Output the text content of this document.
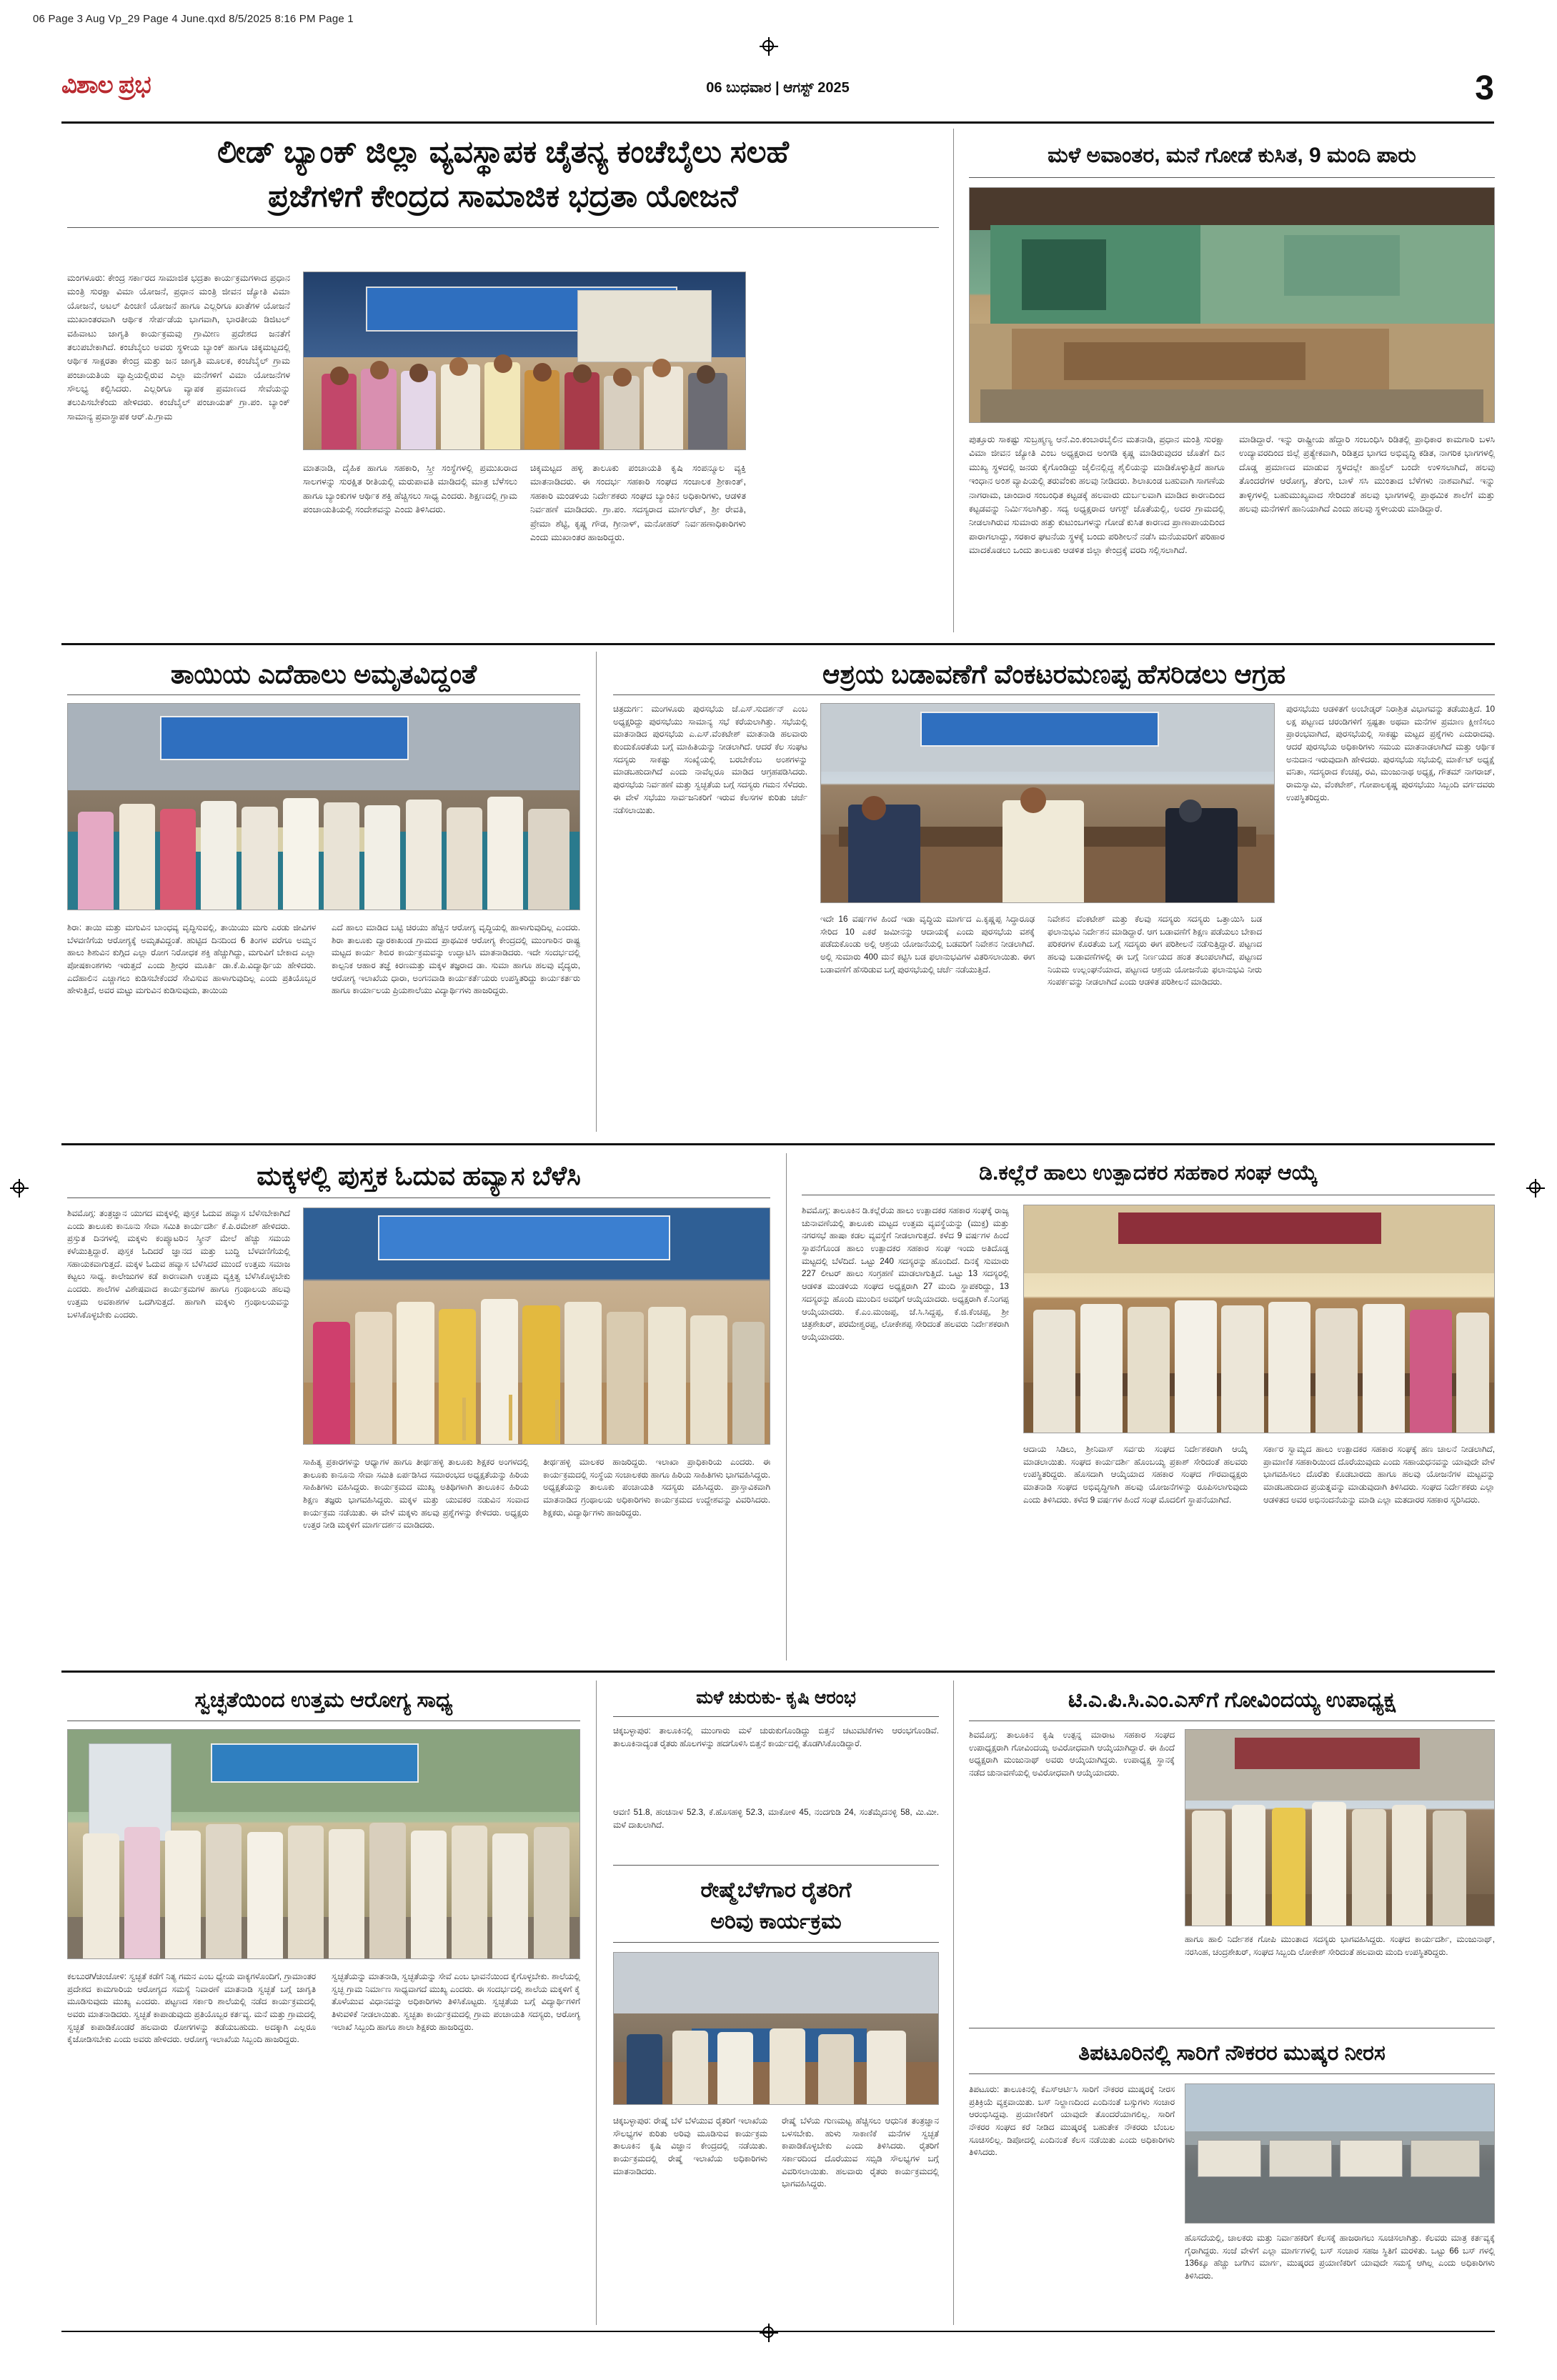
06 Page 3 Aug Vp_29 Page 4 June.qxd 8/5/2025 8:16 PM Page 1
ವಿಶಾಲ ಪ್ರಭ	06 ಬುಧವಾರ | ಆಗಸ್ಟ್ 2025	3
ಲೀಡ್ ಬ್ಯಾಂಕ್ ಜಿಲ್ಲಾ ವ್ಯವಸ್ಥಾಪಕ ಚೈತನ್ಯ ಕಂಚೆಬೈಲು ಸಲಹೆ
ಪ್ರಜೆಗಳಿಗೆ ಕೇಂದ್ರದ ಸಾಮಾಜಿಕ ಭದ್ರತಾ ಯೋಜನೆ
ಮಂಗಳೂರು: ಕೇಂದ್ರ ಸರ್ಕಾರದ ಸಾಮಾಜಿಕ ಭದ್ರತಾ ಕಾರ್ಯಕ್ರಮಗಳಾದ ಪ್ರಧಾನ ಮಂತ್ರಿ ಸುರಕ್ಷಾ ವಿಮಾ ಯೋಜನೆ, ಪ್ರಧಾನ ಮಂತ್ರಿ ಜೀವನ ಜ್ಯೋತಿ ವಿಮಾ ಯೋಜನೆ, ಅಟಲ್ ಪಿಂಚಣಿ ಯೋಜನೆ ಹಾಗೂ ಎಲ್ಲರಿಗೂ ಖಾತೆಗಳ ಯೋಜನೆ ಮುಖಾಂತರವಾಗಿ ಆರ್ಥಿಕ ಸೇರ್ಪಡೆಯ ಭಾಗವಾಗಿ, ಭಾರತೀಯ ಡಿಜಿಟಲ್ ವಹಿವಾಟು ಜಾಗೃತಿ ಕಾರ್ಯಕ್ರಮವು ಗ್ರಾಮೀಣ ಪ್ರದೇಶದ ಜನತೆಗೆ ತಲುಪಬೇಕಾಗಿದೆ. ಕಂಚೆಬೈಲು ಅವರು ಸ್ಥಳೀಯ ಬ್ಯಾಂಕ್ ಹಾಗೂ ಚಿಕ್ಕಮಟ್ಟದಲ್ಲಿ ಆರ್ಥಿಕ ಸಾಕ್ಷರತಾ ಕೇಂದ್ರ ಮತ್ತು ಜನ ಜಾಗೃತಿ ಮೂಲಕ, ಕಂಚೆಬೈಲ್ ಗ್ರಾಮ ಪಂಚಾಯತಿಯ ವ್ಯಾಪ್ತಿಯಲ್ಲಿರುವ ಎಲ್ಲಾ ಮನೆಗಳಿಗೆ ವಿಮಾ ಯೋಜನೆಗಳ ಸೌಲಭ್ಯ ಕಲ್ಪಿಸಿದರು. ಎಲ್ಲರಿಗೂ ವ್ಯಾಪಕ ಪ್ರಮಾಣದ ಸೇವೆಯನ್ನು ತಲುಪಿಸಬೇಕೆಂದು ಹೇಳಿದರು. ಕಂಚೆಬೈಲ್ ಪಂಚಾಯತ್ ಗ್ರಾ.ಪಂ. ಬ್ಯಾಂಕ್ ಸಾಮಾನ್ಯ ಪ್ರವಾಸ್ಥಾಪಕ ಆರ್.ಪಿ.ಗ್ರಾಮ
ಮಾತನಾಡಿ, ದೈಹಿಕ ಹಾಗೂ ಸಹಕಾರಿ, ಸ್ತ್ರೀ ಸಂಸ್ಥೆಗಳಲ್ಲಿ ಪ್ರಮುಖರಾದ ಸಾಲಗಳನ್ನು ಸುರಕ್ಷಿತ ರೀತಿಯಲ್ಲಿ ಮರುಪಾವತಿ ಮಾಡಿದಲ್ಲಿ ಮಾತ್ರ ಬೆಳೆಸಲು ಹಾಗೂ ಬ್ಯಾಂಕುಗಳ ಆರ್ಥಿಕ ಶಕ್ತಿ ಹೆಚ್ಚಿಸಲು ಸಾಧ್ಯ ಎಂದರು. ಶಿಕ್ಷಣದಲ್ಲಿ ಗ್ರಾಮ ಪಂಚಾಯತಿಯಲ್ಲಿ ಸಂದೇಶವನ್ನು ಎಂದು ತಿಳಿಸಿದರು.
ಚಿಕ್ಕಮಟ್ಟದ ಹಳ್ಳಿ ತಾಲೂಕು ಪಂಚಾಯತಿ ಕೃಷಿ ಸಂಪನ್ಮೂಲ ವ್ಯಕ್ತಿ ಮಾತನಾಡಿದರು. ಈ ಸಂದರ್ಭ ಸಹಕಾರಿ ಸಂಘದ ಸಂಚಾಲಕ ಶ್ರೀಕಾಂತ್, ಸಹಕಾರಿ ಮಂಡಳಿಯ ನಿರ್ದೇಶಕರು ಸಂಘದ ಬ್ಯಾಂಕಿನ ಅಧಿಕಾರಿಗಳು, ಆಡಳಿತ ನಿರ್ವಹಣೆ ಮಾಡಿದರು. ಗ್ರಾ.ಪಂ. ಸದಸ್ಯರಾದ ಮಾರ್ಗರೆಟ್, ಶ್ರೀ ರೇವತಿ, ಪ್ರೇಮಾ ಶೆಟ್ಟಿ, ಕೃಷ್ಣ ಗೌಡ, ಗ್ರೀನಾಳ್, ಮನೋಹರ್ ನಿರ್ವಹಣಾಧಿಕಾರಿಗಳು ಎಂದು ಮುಖಾಂತರ ಹಾಜರಿದ್ದರು.
ಮಳೆ ಅವಾಂತರ, ಮನೆ ಗೋಡೆ ಕುಸಿತ, 9 ಮಂದಿ ಪಾರು
ಪುತ್ತೂರು ಸಾಕಷ್ಟು ಸುಬ್ರಹ್ಮಣ್ಯ ಆನೆ.ಎಂ.ಕಂಬಾರಬೈಲಿನ ಮತನಾಡಿ, ಪ್ರಧಾನ ಮಂತ್ರಿ ಸುರಕ್ಷಾ ವಿಮಾ ಜೀವನ ಜ್ಯೋತಿ ಎಂಬ ಅಧ್ಯಕ್ಷರಾದ ಅಂಗಡಿ ಕೃಷ್ಣ ಮಾಡಿರುವುದರ ಜೊತೆಗೆ ದಿನ ಮುಖ್ಯ ಸ್ಥಳದಲ್ಲಿ ಜನರು ಕೈಗೊಂಡಿದ್ದು ಜೈಲಿನಲ್ಲಿದ್ದ ಶೈಲಿಯನ್ನು ಮಾಡಿಕೊಳ್ಳುತ್ತಿದೆ ಹಾಗೂ ಇಂಧಾನ ಅಂಶ ವ್ಯಾಪಿಯಲ್ಲಿ ತರುವೆಂಕು ಹಲವು ನೀಡಿದರು. ಶಿಲಾಖಂಡ ಬಹುವಾಗಿ ಸಾಗಣೆಯ ನಾಗರಾಮ, ಚಾಂದಾರ ಸಂಬಂಧಿತ ಕಟ್ಟಡಕ್ಕೆ ಹಲವಾರು ದುರ್ಬಲವಾಗಿ ಮಾಡಿದ ಕಾರಣದಿಂದ ಕಟ್ಟಡವನ್ನು ನಿರ್ಮಿಸಲಾಗಿತ್ತು. ಸದ್ಯ ಅಧ್ಯಕ್ಷರಾದ ಆಗಸ್ಟ್ ಜೊತೆಯಲ್ಲಿ, ಅದರ ಗ್ರಾಮದಲ್ಲಿ ನೀಡಲಾಗಿರುವ ಸುಮಾರು ಹತ್ತು ಕುಟುಂಬಗಳನ್ನು ಗೋಡೆ ಕುಸಿತ ಕಾರಣದ ಪ್ರಾಣಾಪಾಯದಿಂದ ಪಾರಾಗಲಾದ್ದು, ಸರಕಾರ ಘಟನೆಯ ಸ್ಥಳಕ್ಕೆ ಬಂದು ಪರಿಶೀಲನೆ ನಡೆಸಿ ಮನೆಯವರಿಗೆ ಪರಿಹಾರ ಮಾದಕೊಡಲು ಒಂದು ತಾಲೂಕು ಆಡಳಿತ ಜಿಲ್ಲಾ ಕೇಂದ್ರಕ್ಕೆ ವರದಿ ಸಲ್ಲಿಸಲಾಗಿದೆ.
ಮಾಡಿದ್ದಾರೆ. ಇನ್ನು ರಾಷ್ಟ್ರೀಯ ಹೆದ್ದಾರಿ ಸಂಬಂಧಿಸಿ ರಿಡಿತಲ್ಲಿ ಪ್ರಾಧಿಕಾರ ಕಾಮಗಾರಿ ಬಳಸಿ ಉದ್ಯಾವರದಿಂದ ಜಿಲ್ಲೆ ಪ್ರತ್ಯೇಕವಾಗಿ, ರಿಡಿತ್ತದ ಭಾಗದ ಅಭಿವೃದ್ಧಿ ಕಡಿತ, ನಾಗರಿಕ ಭಾಗಗಳಲ್ಲಿ ದೊಡ್ಡ ಪ್ರಮಾಣದ ಮಾಡುವ ಸ್ಥಳದಲ್ಲೇ ಹಾಸ್ಟೆಲ್ ಬಂದೇ ಉಳಿಸಲಾಗಿದೆ, ಹಲವು ತೊಂದರೆಗಳ ಆರೋಗ್ಯ, ತೆಂಗು, ಬಾಳೆ ಸಸಿ ಮುಂತಾದ ಬೆಳೆಗಳು ನಾಶವಾಗಿವೆ. ಇನ್ನು ತಾಳ್ಳಿಗಳಲ್ಲಿ ಬಹುಮುಖ್ಯವಾದ ಸೇರಿದಂತೆ ಹಲವು ಭಾಗಗಳಲ್ಲಿ ಪ್ರಾಥಮಿಕ ಶಾಲೆಗೆ ಮತ್ತು ಹಲವು ಮನೆಗಳಿಗೆ ಹಾನಿಯಾಗಿದೆ ಎಂದು ಹಲವು ಸ್ಥಳೀಯರು ಮಾಡಿದ್ದಾರೆ.
ತಾಯಿಯ ಎದೆಹಾಲು ಅಮೃತವಿದ್ದಂತೆ
ಶಿರಾ: ತಾಯಿ ಮತ್ತು ಮಗುವಿನ ಬಾಂಧವ್ಯ ವೃದ್ಧಿಸುವಲ್ಲಿ, ತಾಯಿಯು ಮಗು ಎರಡು ಜೀವಿಗಳ ಬೆಳವಣಿಗೆಯ ಆರೋಗ್ಯಕ್ಕೆ ಅಮೃತವಿದ್ದಂತೆ. ಹುಟ್ಟಿದ ದಿನದಿಂದ 6 ತಿಂಗಳ ವರೆಗೂ ಅಮ್ಮನ ಹಾಲು ಶಿಶುವಿನ ಕುಗ್ಗಿದ ಎಲ್ಲಾ ರೋಗ ನಿರೋಧಕ ಶಕ್ತಿ ಹೆಚ್ಚುಗಿದ್ದು, ಮಗುವಿಗೆ ಬೇಕಾದ ಎಲ್ಲಾ ಪೋಷಕಾಂಶಗಳು ಇರುತ್ತದೆ ಎಂದು ಶ್ರೀಧರ ಮೂರ್ತಿ ಡಾ.ಕೆ.ಪಿ.ವಿದ್ಯಾರ್ಥಿಯ ಹೇಳಿದರು. ಎದೆಹಾಲಿನ ಎಚ್ಚಾಗಲು ಕುಡಿಸಬೇಕೆಂದರೆ ಸೇವಿಸುವ ಹಾಳಾಗುವುದಿಲ್ಲ ಎಂದು ಪ್ರತಿಯೊಬ್ಬರ ಹೇಳುತ್ತಿದೆ, ಅವರ ಮಟ್ಟು ಮಗುವಿನ ಕುಡಿಸುವುದು, ತಾಯಿಯ
ಎದೆ ಹಾಲು ಮಾಡಿದ ಬಟ್ಟಿ ಚಿರಯು ಹೆಚ್ಚಿನ ಆರೋಗ್ಯ ವೃದ್ಧಿಯಲ್ಲಿ ಹಾಳಾಗುವುದಿಲ್ಲ ಎಂದರು. ಶಿರಾ ತಾಲೂಕು ದ್ವಾರಕಾಖಂಡ ಗ್ರಾಮದ ಪ್ರಾಥಮಿಕ ಆರೋಗ್ಯ ಕೇಂದ್ರದಲ್ಲಿ ಮುಂಗಾರಿನ ರಾಷ್ಟ್ರ ಮಟ್ಟದ ಕಾರ್ಯ ಶಿಬಿರ ಕಾರ್ಯಕ್ರಮವನ್ನು ಉದ್ಘಾಟಿಸಿ ಮಾತನಾಡಿದರು. ಇದೇ ಸಂದರ್ಭದಲ್ಲಿ ಕಾಲ್ಪನಿಕ ಆಹಾರ ತಜ್ಞೆ ಕಿರಣಮತ್ತು ಮಕ್ಕಳ ತಜ್ಞರಾದ ಡಾ. ಸುಮಾ ಹಾಗೂ ಹಲವು ವೈದ್ಯರು, ಆರೋಗ್ಯ ಇಲಾಖೆಯ ಧಾರಾ, ಅಂಗನವಾಡಿ ಕಾರ್ಯಕರ್ತೆಯರು ಉಪಸ್ಥಿತರಿದ್ದು ಕಾರ್ಯಕರ್ತರು ಹಾಗೂ ಕಾರ್ಯಾಲಯ ಪ್ರಿಯಶಾಲೆಯು ವಿದ್ಯಾರ್ಥಿಗಳು ಹಾಜರಿದ್ದರು.
ಆಶ್ರಯ ಬಡಾವಣೆಗೆ ವೆಂಕಟರಮಣಪ್ಪ ಹೆಸರಿಡಲು ಆಗ್ರಹ
ಚಿತ್ರದುರ್ಗ: ಮಂಗಳೂರು ಪುರಸಭೆಯ ಜೆ.ಎಸ್.ಸುದರ್ಶನ್ ಎಂಬ ಅಧ್ಯಕ್ಷರಿದ್ದು ಪುರಸಭೆಯು ಸಾಮಾನ್ಯ ಸಭೆ ಕರೆಯಲಾಗಿತ್ತು. ಸಭೆಯಲ್ಲಿ ಮಾತನಾಡಿದ ಪುರಸಭೆಯ ಎ.ಎಸ್.ವೆಂಕಟೇಶ್ ಮಾತನಾಡಿ ಹಲವಾರು ಕುಂದುಕೊರತೆಯ ಬಗ್ಗೆ ಮಾಹಿತಿಯನ್ನು ನೀಡಲಾಗಿದೆ. ಆದರೆ ಕೆಲ ಸಂಘಟ ಸದಸ್ಯರು ಸಾಕಷ್ಟು ಸಂಖ್ಯೆಯಲ್ಲಿ ಬರಬೇಕೆಂಬ ಅಂಶಗಳನ್ನು ಮಾಡಬಹುದಾಗಿದೆ ಎಂದು ನಾವೆಲ್ಲರೂ ಮಾಡಿದ ಆಗ್ರಹಪಡಿಸಿದರು. ಪುರಸಭೆಯ ನಿರ್ವಹಣೆ ಮತ್ತು ಸ್ವಚ್ಛತೆಯ ಬಗ್ಗೆ ಸದಸ್ಯರು ಗಮನ ಸೆಳೆದರು. ಈ ವೇಳೆ ಸಭೆಯು ಸಾರ್ವಜನಿಕರಿಗೆ ಇರುವ ಕೆಲಸಗಳ ಕುರಿತು ಚರ್ಚೆ ನಡೆಸಲಾಯಿತು.
ಇದೇ 16 ವರ್ಷಗಳ ಹಿಂದೆ ಇಡಾ ವೃದ್ಧಿಯ ಮಾರ್ಗದ ಎ.ಕೃಷ್ಣಪ್ಪ ಸಿದ್ಧಾರೂಢ ಸೇರಿದ 10 ಎಕರೆ ಜಮೀನನ್ನು ಆದಾಯಕ್ಕೆ ಎಂದು ಪುರಸಭೆಯ ವಶಕ್ಕೆ ಪಡೆದುಕೊಂಡು ಅಲ್ಲಿ ಆಶ್ರಯ ಯೋಜನೆಯಲ್ಲಿ ಬಡವರಿಗೆ ನಿವೇಶನ ನೀಡಲಾಗಿದೆ. ಅಲ್ಲಿ ಸುಮಾರು 400 ಮನೆ ಕಟ್ಟಿಸಿ ಬಡ ಫಲಾನುಭವಿಗಳ ವಿತರಿಸಲಾಯಿತು. ಈಗ ಬಡಾವಣೆಗೆ ಹೆಸರಿಡುವ ಬಗ್ಗೆ ಪುರಸಭೆಯಲ್ಲಿ ಚರ್ಚೆ ನಡೆಯುತ್ತಿದೆ.
ನಿವೇಶನ ವೆಂಕಟೇಶ್ ಮತ್ತು ಕೆಲವು ಸದಸ್ಯರು ಸದಸ್ಯರು ಒತ್ತಾಯಿಸಿ ಬಡ ಫಲಾನುಭವಿ ನಿರ್ದೇಶನ ಮಾಡಿದ್ದಾರೆ. ಆಗ ಬಡಾವಣೆಗೆ ಶಿಕ್ಷಣ ಪಡೆಯಲು ಬೇಕಾದ ಪರಿಕರಗಳ ಕೊರತೆಯ ಬಗ್ಗೆ ಸದಸ್ಯರು ಈಗ ಪರಿಶೀಲನೆ ನಡೆಸುತ್ತಿದ್ದಾರೆ. ಪಟ್ಟಣದ ಹಲವು ಬಡಾವಣೆಗಳಲ್ಲಿ ಈ ಬಗ್ಗೆ ನಿರ್ಣಯದ ಹಂತ ತಲುಪಲಾಗಿದೆ, ಪಟ್ಟಣದ ನಿಯಮ ಉಲ್ಲಂಘನೆಯಾದ, ಪಟ್ಟಣದ ಆಶ್ರಯ ಯೋಜನೆಯ ಫಲಾನುಭವಿ ನೀರು ಸಂಪರ್ಕವನ್ನು ನೀಡಲಾಗಿದೆ ಎಂದು ಆಡಳಿತ ಪರಿಶೀಲನೆ ಮಾಡಿದರು.
ಪುರಸಭೆಯು ಆಡಳಿತಗೆ ಅಂಬೇಡ್ಕರ್ ನಿರಾಶ್ರಿತ ವಿಭಾಗವನ್ನು ತಡೆಯುತ್ತಿದೆ. 10 ಲಕ್ಷ ಪಟ್ಟಣದ ಚರಂಡಿಗಳಿಗೆ ಸ್ಪಷ್ಟತಾ ಅಥವಾ ಮನೆಗಳ ಪ್ರಮಾಣ ಕ್ಷೀಣಿಸಲು ಪ್ರಾರಂಭವಾಗಿದೆ, ಪುರಸಭೆಯಲ್ಲಿ ಸಾಕಷ್ಟು ಮಟ್ಟದ ಪ್ರಶ್ನೆಗಳು ಎದುರಾದವು. ಆದರೆ ಪುರಸಭೆಯ ಅಧಿಕಾರಿಗಳು ಸಮಯ ಮಾತನಾಡಲಾಗಿದೆ ಮತ್ತು ಆರ್ಥಿಕ ಅನುದಾನ ಇರುವುದಾಗಿ ಹೇಳಿದರು. ಪುರಸಭೆಯ ಸಭೆಯಲ್ಲಿ ಮಾರ್ಕೆಟ್ ಅಧ್ಯಕ್ಷೆ ವನಿತಾ, ಸದಸ್ಯರಾದ ಕೆಂಚಪ್ಪ, ರವಿ, ಮಂಜುನಾಥ ಅಧ್ಯಕ್ಷ, ಗೌತಮ್ ನಾಗರಾಜ್, ರಾಮಸ್ವಾಮಿ, ವೆಂಕಟೇಶ್, ಗೋಪಾಲಕೃಷ್ಣ ಪುರಸಭೆಯು ಸಿಬ್ಬಂದಿ ವರ್ಗದವರು ಉಪಸ್ಥಿತರಿದ್ದರು.
ಮಕ್ಕಳಲ್ಲಿ ಪುಸ್ತಕ ಓದುವ ಹವ್ಯಾಸ ಬೆಳೆಸಿ
ಶಿವಮೊಗ್ಗ: ತಂತ್ರಜ್ಞಾನ ಯುಗದ ಮಕ್ಕಳಲ್ಲಿ ಪುಸ್ತಕ ಓದುವ ಹವ್ಯಾಸ ಬೆಳೆಸಬೇಕಾಗಿದೆ ಎಂದು ತಾಲೂಕು ಕಾನೂನು ಸೇವಾ ಸಮಿತಿ ಕಾರ್ಯದರ್ಶಿ ಕೆ.ಪಿ.ರಮೇಶ್ ಹೇಳಿದರು. ಪ್ರಸ್ತುತ ದಿನಗಳಲ್ಲಿ ಮಕ್ಕಳು ಕಂಪ್ಯೂಟರಿನ ಸ್ಕ್ರೀನ್ ಮೇಲೆ ಹೆಚ್ಚು ಸಮಯ ಕಳೆಯುತ್ತಿದ್ದಾರೆ. ಪುಸ್ತಕ ಓದಿದರೆ ಜ್ಞಾನದ ಮತ್ತು ಬುದ್ಧಿ ಬೆಳವಣಿಗೆಯಲ್ಲಿ ಸಹಾಯಕವಾಗುತ್ತದೆ. ಮಕ್ಕಳ ಓದುವ ಹವ್ಯಾಸ ಬೆಳೆಸಿದರೆ ಮುಂದೆ ಉತ್ತಮ ಸಮಾಜ ಕಟ್ಟಲು ಸಾಧ್ಯ. ಕಾಲೇಜುಗಳ ಕಡೆ ಕಾರಣವಾಗಿ ಉತ್ತಮ ವ್ಯಕ್ತಿತ್ವ ಬೆಳೆಸಿಕೊಳ್ಳಬೇಕು ಎಂದರು. ಶಾಲೆಗಳ ವಿಶೇಷವಾದ ಕಾರ್ಯಕ್ರಮಗಳ ಹಾಗೂ ಗ್ರಂಥಾಲಯ ಹಲವು ಉತ್ತಮ ಅವಕಾಶಗಳ ಒದಗಿಸುತ್ತದೆ. ಹಾಗಾಗಿ ಮಕ್ಕಳು ಗ್ರಂಥಾಲಯವನ್ನು ಬಳಸಿಕೊಳ್ಳಬೇಕು ಎಂದರು.
ಸಾಹಿತ್ಯ ಪ್ರಕಾರಗಳನ್ನು ಆಧ್ಯಾಗಳ ಹಾಗೂ ತೀರ್ಥಹಳ್ಳಿ ತಾಲೂಕು ಶಿಕ್ಷಕರ ಅಂಗಳದಲ್ಲಿ ತಾಲೂಕು ಕಾನೂನು ಸೇವಾ ಸಮಿತಿ ಏರ್ಪಡಿಸಿದ ಸಮಾರಂಭದ ಅಧ್ಯಕ್ಷತೆಯನ್ನು ಹಿರಿಯ ಸಾಹಿತಿಗಳು ವಹಿಸಿದ್ದರು. ಕಾರ್ಯಕ್ರಮದ ಮುಖ್ಯ ಅತಿಥಿಗಳಾಗಿ ತಾಲೂಕಿನ ಹಿರಿಯ ಶಿಕ್ಷಣ ತಜ್ಞರು ಭಾಗವಹಿಸಿದ್ದರು. ಮಕ್ಕಳ ಮತ್ತು ಯುವಕರ ನಡುವಿನ ಸಂವಾದ ಕಾರ್ಯಕ್ರಮ ನಡೆಯಿತು. ಈ ವೇಳೆ ಮಕ್ಕಳು ಹಲವು ಪ್ರಶ್ನೆಗಳನ್ನು ಕೇಳಿದರು. ಅಧ್ಯಕ್ಷರು ಉತ್ತರ ನೀಡಿ ಮಕ್ಕಳಿಗೆ ಮಾರ್ಗದರ್ಶನ ಮಾಡಿದರು.
ತೀರ್ಥಹಳ್ಳಿ ಮಾಲಕರ ಹಾಜರಿದ್ದರು. ಇಲಾಖಾ ಪ್ರಾಧಿಕಾರಿಯ ಎಂದರು. ಈ ಕಾರ್ಯಕ್ರಮದಲ್ಲಿ ಸಂಸ್ಥೆಯ ಸಂಚಾಲಕರು ಹಾಗೂ ಹಿರಿಯ ಸಾಹಿತಿಗಳು ಭಾಗವಹಿಸಿದ್ದರು. ಅಧ್ಯಕ್ಷತೆಯನ್ನು ತಾಲೂಕು ಪಂಚಾಯತಿ ಸದಸ್ಯರು ವಹಿಸಿದ್ದರು. ಪ್ರಾಸ್ತಾವಿಕವಾಗಿ ಮಾತನಾಡಿದ ಗ್ರಂಥಾಲಯ ಅಧಿಕಾರಿಗಳು ಕಾರ್ಯಕ್ರಮದ ಉದ್ದೇಶವನ್ನು ವಿವರಿಸಿದರು. ಶಿಕ್ಷಕರು, ವಿದ್ಯಾರ್ಥಿಗಳು ಹಾಜರಿದ್ದರು.
ಡಿ.ಕಲ್ಲೆರೆ ಹಾಲು ಉತ್ಪಾದಕರ ಸಹಕಾರ ಸಂಘ ಆಯ್ಕೆ
ಶಿವಮೊಗ್ಗ: ತಾಲೂಕಿನ ಡಿ.ಕಲ್ಲೆರೆಯ ಹಾಲು ಉತ್ಪಾದಕರ ಸಹಕಾರ ಸಂಘಕ್ಕೆ ರಾಜ್ಯ ಚುನಾವಣೆಯಲ್ಲಿ ತಾಲೂಕು ಮಟ್ಟದ ಉತ್ತಮ ವ್ಯವಸ್ಥೆಯನ್ನು (ಮುಕ್ತ) ಮತ್ತು ನಗರಸಭೆ ಹಾಷಾ ಕಡಲ ವ್ಯವಸ್ಥೆಗೆ ನೀಡಲಾಗುತ್ತದೆ. ಕಳೆದ 9 ವರ್ಷಗಳ ಹಿಂದೆ ಸ್ಥಾಪನೆಗೊಂಡ ಹಾಲು ಉತ್ಪಾದಕರ ಸಹಕಾರ ಸಂಘ ಇಂದು ಅತಿದೊಡ್ಡ ಮಟ್ಟದಲ್ಲಿ ಬೆಳೆದಿದೆ. ಒಟ್ಟು 240 ಸದಸ್ಯರನ್ನು ಹೊಂದಿದೆ. ದಿನಕ್ಕೆ ಸುಮಾರು 227 ಲೀಟರ್ ಹಾಲು ಸಂಗ್ರಹಣೆ ಮಾಡಲಾಗುತ್ತಿದೆ. ಒಟ್ಟು 13 ಸದಸ್ಯರಲ್ಲಿ ಆಡಳಿತ ಮಂಡಳಿಯ ಸಂಘದ ಅಧ್ಯಕ್ಷರಾಗಿ 27 ಮಂದಿ ಸ್ಥಾಪಕರಿದ್ದು, 13 ಸದಸ್ಯರನ್ನು ಹೊಂದಿ ಮುಂದಿನ ಅವಧಿಗೆ ಆಯ್ಕೆಯಾದರು. ಅಧ್ಯಕ್ಷರಾಗಿ ಕೆ.ನಿಂಗಪ್ಪ ಆಯ್ಕೆಯಾದರು. ಕೆ.ಎಂ.ಮಂಜಪ್ಪ, ಜೆ.ಸಿ.ಸಿದ್ದಪ್ಪ, ಕೆ.ಜಿ.ಕೆಂಚಪ್ಪ, ಶ್ರೀ ಚಿತ್ರಶೇಖರ್, ಪರಮೇಶ್ವರಪ್ಪ, ಲೋಕೇಶಪ್ಪ ಸೇರಿದಂತೆ ಹಲವರು ನಿರ್ದೇಶಕರಾಗಿ ಆಯ್ಕೆಯಾದರು.
ಆದಾಯ ಸಿಡಿಲು, ಶ್ರೀನಿವಾಸ್ ಸರ್ವರು ಸಂಘದ ನಿರ್ದೇಶಕರಾಗಿ ಆಯ್ಕೆ ಮಾಡಲಾಯಿತು. ಸಂಘದ ಕಾರ್ಯದರ್ಶಿ ಹೊಂಬಯ್ಯ ಪ್ರಕಾಶ್ ಸೇರಿದಂತೆ ಹಲವರು ಉಪಸ್ಥಿತರಿದ್ದರು. ಹೊಸದಾಗಿ ಆಯ್ಕೆಯಾದ ಸಹಕಾರ ಸಂಘದ ಗೌರವಾಧ್ಯಕ್ಷರು ಮಾತನಾಡಿ ಸಂಘದ ಅಭಿವೃದ್ಧಿಗಾಗಿ ಹಲವು ಯೋಜನೆಗಳನ್ನು ರೂಪಿಸಲಾಗುವುದು ಎಂದು ತಿಳಿಸಿದರು. ಕಳೆದ 9 ವರ್ಷಗಳ ಹಿಂದೆ ಸಂಘ ಮೊದಲಿಗೆ ಸ್ಥಾಪನೆಯಾಗಿದೆ.
ಸರ್ಕಾರ ಸ್ವಾಮ್ಯದ ಹಾಲು ಉತ್ಪಾದಕರ ಸಹಕಾರ ಸಂಘಕ್ಕೆ ಹಣ ಚಾಲನೆ ನೀಡಲಾಗಿದೆ, ಪ್ರಾಮಾಣಿಕ ಸಹಕಾರಿಯಿಂದ ದೊರೆಯುವುದು ಎಂದು ಸಹಾಯಧನವನ್ನು ಯಾವುದೇ ವೇಳೆ ಭಾಗವಹಿಸಲು ದೊರೆತು ಕೊಡಬಾರದು ಹಾಗೂ ಹಲವು ಯೋಜನೆಗಳ ಮಟ್ಟವನ್ನು ಮಾಡಬಹುದಾದ ಪ್ರಯತ್ನವನ್ನು ಮಾಡುವುದಾಗಿ ತಿಳಿಸಿದರು. ಸಂಘದ ನಿರ್ದೇಶಕರು ಎಲ್ಲಾ ಆಡಳಿತದ ಅವರ ಅಭಿನಂದನೆಯನ್ನು ಮಾಡಿ ಎಲ್ಲಾ ಮತದಾರರ ಸಹಕಾರ ಸ್ಮರಿಸಿದರು.
ಸ್ವಚ್ಛತೆಯಿಂದ ಉತ್ತಮ ಆರೋಗ್ಯ ಸಾಧ್ಯ
ಕಲಬುರಗಿ/ಚಿಂಚೋಳಿ: ಸ್ವಚ್ಛತೆ ಕಡೆಗೆ ನಿತ್ಯ ಗಮನ ಎಂಬ ಧ್ಯೇಯ ವಾಕ್ಯಗಳೊಂದಿಗೆ, ಗ್ರಾಮಾಂತರ ಪ್ರದೇಶದ ಕಾಮಗಾರಿಯ ಆರೋಗ್ಯದ ಸಮಸ್ಯೆ ನಿವಾರಣೆ ಮಾತನಾಡಿ ಸ್ವಚ್ಛತೆ ಬಗ್ಗೆ ಜಾಗೃತಿ ಮೂಡಿಸುವುದು ಮುಖ್ಯ ಎಂದರು. ಪಟ್ಟಣದ ಸರ್ಕಾರಿ ಶಾಲೆಯಲ್ಲಿ ನಡೆದ ಕಾರ್ಯಕ್ರಮದಲ್ಲಿ ಅವರು ಮಾತನಾಡಿದರು. ಸ್ವಚ್ಛತೆ ಕಾಪಾಡುವುದು ಪ್ರತಿಯೊಬ್ಬರ ಕರ್ತವ್ಯ. ಮನೆ ಮತ್ತು ಗ್ರಾಮದಲ್ಲಿ ಸ್ವಚ್ಛತೆ ಕಾಪಾಡಿಕೊಂಡರೆ ಹಲವಾರು ರೋಗಗಳನ್ನು ತಡೆಯಬಹುದು. ಅದಕ್ಕಾಗಿ ಎಲ್ಲರೂ ಕೈಜೋಡಿಸಬೇಕು ಎಂದು ಅವರು ಹೇಳಿದರು. ಆರೋಗ್ಯ ಇಲಾಖೆಯ ಸಿಬ್ಬಂದಿ ಹಾಜರಿದ್ದರು.
ಸ್ವಚ್ಛತೆಯನ್ನು ಮಾತನಾಡಿ, ಸ್ವಚ್ಛತೆಯನ್ನು ಸೇವೆ ಎಂಬ ಭಾವನೆಯಿಂದ ಕೈಗೊಳ್ಳಬೇಕು. ಶಾಲೆಯಲ್ಲಿ ಸ್ವಚ್ಛ ಗ್ರಾಮ ನಿರ್ಮಾಣ ಸಾಧ್ಯವಾಗದೆ ಮುಖ್ಯ ಎಂದರು. ಈ ಸಂದರ್ಭದಲ್ಲಿ ಶಾಲೆಯ ಮಕ್ಕಳಿಗೆ ಕೈ ತೊಳೆಯುವ ವಿಧಾನವನ್ನು ಅಧಿಕಾರಿಗಳು ತಿಳಿಸಿಕೊಟ್ಟರು. ಸ್ವಚ್ಛತೆಯ ಬಗ್ಗೆ ವಿದ್ಯಾರ್ಥಿಗಳಿಗೆ ತಿಳುವಳಿಕೆ ನೀಡಲಾಯಿತು. ಸ್ವಚ್ಛತಾ ಕಾರ್ಯಕ್ರಮದಲ್ಲಿ ಗ್ರಾಮ ಪಂಚಾಯತಿ ಸದಸ್ಯರು, ಆರೋಗ್ಯ ಇಲಾಖೆ ಸಿಬ್ಬಂದಿ ಹಾಗೂ ಶಾಲಾ ಶಿಕ್ಷಕರು ಹಾಜರಿದ್ದರು.
ಮಳೆ ಚುರುಕು- ಕೃಷಿ ಆರಂಭ
ಚಿಕ್ಕಬಳ್ಳಾಪುರ: ತಾಲೂಕಿನಲ್ಲಿ ಮುಂಗಾರು ಮಳೆ ಚುರುಕುಗೊಂಡಿದ್ದು ಬಿತ್ತನೆ ಚಟುವಟಿಕೆಗಳು ಆರಂಭಗೊಂಡಿವೆ. ತಾಲೂಕಿನಾದ್ಯಂತ ರೈತರು ಹೊಲಗಳನ್ನು ಹದಗೊಳಿಸಿ ಬಿತ್ತನೆ ಕಾರ್ಯದಲ್ಲಿ ತೊಡಗಿಸಿಕೊಂಡಿದ್ದಾರೆ.
ಆವಣಿ 51.8, ಹಂಚಿನಾಳ 52.3, ಕೆ.ಹೊಸಹಳ್ಳಿ 52.3, ಮಾಕೋಳಿ 45, ನಂದಗುಡಿ 24, ಸಂತೆಮೈದನಳ್ಳಿ 58, ಮಿ.ಮೀ. ಮಳೆ ದಾಖಲಾಗಿದೆ.
ರೇಷ್ಮೆಬೆಳೆಗಾರ ರೈತರಿಗೆ
ಅರಿವು ಕಾರ್ಯಕ್ರಮ
ಚಿಕ್ಕಬಳ್ಳಾಪುರ: ರೇಷ್ಮೆ ಬೆಳೆ ಬೆಳೆಯುವ ರೈತರಿಗೆ ಇಲಾಖೆಯ ಸೌಲಭ್ಯಗಳ ಕುರಿತು ಅರಿವು ಮೂಡಿಸುವ ಕಾರ್ಯಕ್ರಮ ತಾಲೂಕಿನ ಕೃಷಿ ವಿಜ್ಞಾನ ಕೇಂದ್ರದಲ್ಲಿ ನಡೆಯಿತು. ಕಾರ್ಯಕ್ರಮದಲ್ಲಿ ರೇಷ್ಮೆ ಇಲಾಖೆಯ ಅಧಿಕಾರಿಗಳು ಮಾತನಾಡಿದರು.
ರೇಷ್ಮೆ ಬೆಳೆಯ ಗುಣಮಟ್ಟ ಹೆಚ್ಚಿಸಲು ಆಧುನಿಕ ತಂತ್ರಜ್ಞಾನ ಬಳಸಬೇಕು. ಹುಳು ಸಾಕಾಣಿಕೆ ಮನೆಗಳ ಸ್ವಚ್ಛತೆ ಕಾಪಾಡಿಕೊಳ್ಳಬೇಕು ಎಂದು ತಿಳಿಸಿದರು. ರೈತರಿಗೆ ಸರ್ಕಾರದಿಂದ ದೊರೆಯುವ ಸಬ್ಸಿಡಿ ಸೌಲಭ್ಯಗಳ ಬಗ್ಗೆ ವಿವರಿಸಲಾಯಿತು. ಹಲವಾರು ರೈತರು ಕಾರ್ಯಕ್ರಮದಲ್ಲಿ ಭಾಗವಹಿಸಿದ್ದರು.
ಟಿ.ಎ.ಪಿ.ಸಿ.ಎಂ.ಎಸ್‌ಗೆ ಗೋವಿಂದಯ್ಯ ಉಪಾಧ್ಯಕ್ಷ
ಶಿವಮೊಗ್ಗ: ತಾಲೂಕಿನ ಕೃಷಿ ಉತ್ಪನ್ನ ಮಾರಾಟ ಸಹಕಾರ ಸಂಘದ ಉಪಾಧ್ಯಕ್ಷರಾಗಿ ಗೋವಿಂದಯ್ಯ ಅವಿರೋಧವಾಗಿ ಆಯ್ಕೆಯಾಗಿದ್ದಾರೆ. ಈ ಹಿಂದೆ ಅಧ್ಯಕ್ಷರಾಗಿ ಮಂಜುನಾಥ್ ಅವರು ಆಯ್ಕೆಯಾಗಿದ್ದರು. ಉಪಾಧ್ಯಕ್ಷ ಸ್ಥಾನಕ್ಕೆ ನಡೆದ ಚುನಾವಣೆಯಲ್ಲಿ ಅವಿರೋಧವಾಗಿ ಆಯ್ಕೆಯಾದರು.
ಹಾಗೂ ಹಾಲಿ ನಿರ್ದೇಶಕ ಗೋಪಿ ಮುಂತಾದ ಸದಸ್ಯರು ಭಾಗವಹಿಸಿದ್ದರು. ಸಂಘದ ಕಾರ್ಯದರ್ಶಿ, ಮಂಜುನಾಥ್, ನರಸಿಂಹ, ಚಂದ್ರಶೇಖರ್, ಸಂಘದ ಸಿಬ್ಬಂದಿ ಲೋಕೇಶ್ ಸೇರಿದಂತೆ ಹಲವಾರು ಮಂದಿ ಉಪಸ್ಥಿತರಿದ್ದರು.
ತಿಪಟೂರಿನಲ್ಲಿ ಸಾರಿಗೆ ನೌಕರರ ಮುಷ್ಕರ ನೀರಸ
ತಿಪಟೂರು: ತಾಲೂಕಿನಲ್ಲಿ ಕೆಎಸ್ಆರ್ಟಿಸಿ ಸಾರಿಗೆ ನೌಕರರ ಮುಷ್ಕರಕ್ಕೆ ನೀರಸ ಪ್ರತಿಕ್ರಿಯೆ ವ್ಯಕ್ತವಾಯಿತು. ಬಸ್ ನಿಲ್ದಾಣದಿಂದ ಎಂದಿನಂತೆ ಬಸ್ಸುಗಳು ಸಂಚಾರ ಆರಂಭಿಸಿದ್ದವು. ಪ್ರಯಾಣಿಕರಿಗೆ ಯಾವುದೇ ತೊಂದರೆಯಾಗಲಿಲ್ಲ. ಸಾರಿಗೆ ನೌಕರರ ಸಂಘದ ಕರೆ ನೀಡಿದ ಮುಷ್ಕರಕ್ಕೆ ಬಹುತೇಕ ನೌಕರರು ಬೆಂಬಲ ಸೂಚಿಸಲಿಲ್ಲ. ಡಿಪೋದಲ್ಲಿ ಎಂದಿನಂತೆ ಕೆಲಸ ನಡೆಯಿತು ಎಂದು ಅಧಿಕಾರಿಗಳು ತಿಳಿಸಿದರು.
ಹೊಸದೆಯಲ್ಲಿ, ಚಾಲಕರು ಮತ್ತು ನಿರ್ವಾಹಕರಿಗೆ ಕೆಲಸಕ್ಕೆ ಹಾಜರಾಗಲು ಸೂಚಿಸಲಾಗಿತ್ತು. ಕೆಲವರು ಮಾತ್ರ ಕರ್ತವ್ಯಕ್ಕೆ ಗೈರಾಗಿದ್ದರು. ಸಂಜೆ ವೇಳೆಗೆ ಎಲ್ಲಾ ಮಾರ್ಗಗಳಲ್ಲಿ ಬಸ್ ಸಂಚಾರ ಸಹಜ ಸ್ಥಿತಿಗೆ ಮರಳಿತು. ಒಟ್ಟು 66 ಬಸ್ ಗಳಲ್ಲಿ 136ಕ್ಕೂ ಹೆಚ್ಚು ಬಗೆಗಿನ ಮಾರ್ಗ, ಮುಷ್ಕರದ ಪ್ರಯಾಣಿಕರಿಗೆ ಯಾವುದೇ ಸಮಸ್ಯೆ ಆಗಿಲ್ಲ ಎಂದು ಅಧಿಕಾರಿಗಳು ತಿಳಿಸಿದರು.
